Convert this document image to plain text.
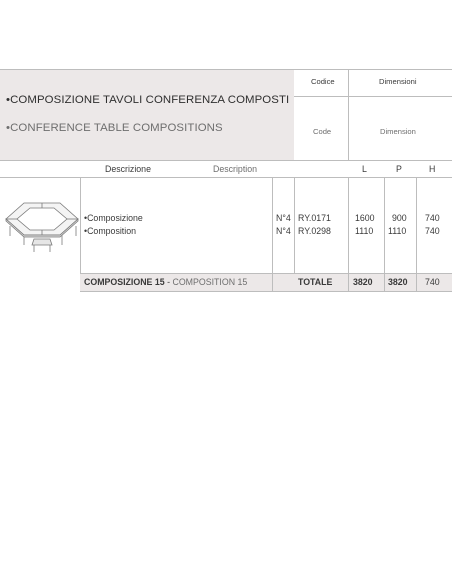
•COMPOSIZIONE TAVOLI CONFERENZA COMPOSTI
•CONFERENCE TABLE COMPOSITIONS
Codice	Dimensioni
Code	Dimension
Descrizione	Description	L	P	H
•Composizione	N°4 RY.0171	1600 900 740
•Composition	N°4 RY.0298	1110 1110 740
COMPOSIZIONE 15 - COMPOSITION 15	TOTALE 3820 3820 740
